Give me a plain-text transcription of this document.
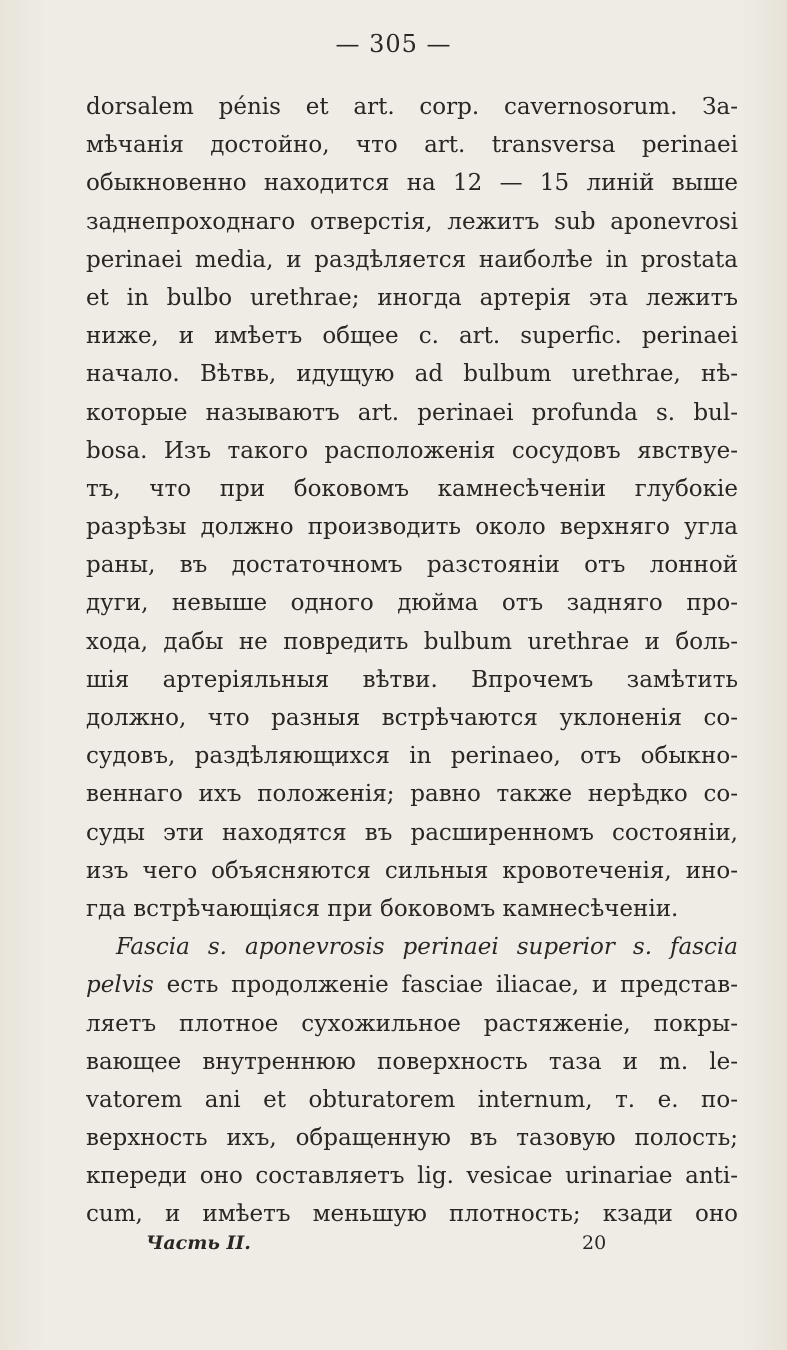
— 305 —
dorsalem pénis et art. corp. cavernosorum. За-
мѣчанія достойно, что art. transversa perinaei
обыкновенно находится на 12 — 15 линій выше
заднепроходнаго отверстія, лежитъ sub aponevrosi
perinaei media, и раздѣляется наиболѣе in prostata
et in bulbo urethrae; иногда артерія эта лежитъ
ниже, и имѣетъ общее с. art. superfic. perinaei
начало. Вѣтвь, идущую ad bulbum urethrae, нѣ-
которые называютъ art. perinaei profunda s. bul-
bosa. Изъ такого расположенія сосудовъ явствуе-
тъ, что при боковомъ камнесѣченіи глубокіе
разрѣзы должно производить около верхняго угла
раны, въ достаточномъ разстояніи отъ лонной
дуги, невыше одного дюйма отъ задняго про-
хода, дабы не повредить bulbum urethrae и боль-
шія артеріяльныя вѣтви. Впрочемъ замѣтить
должно, что разныя встрѣчаются уклоненія со-
судовъ, раздѣляющихся in perinaeo, отъ обыкно-
веннаго ихъ положенія; равно также нерѣдко со-
суды эти находятся въ расширенномъ состояніи,
изъ чего объясняются сильныя кровотеченія, ино-
гда встрѣчающіяся при боковомъ камнесѣченіи.
Fascia s. aponevrosis perinaei superior s. fascia
pelvis есть продолженіе fasciae iliacae, и представ-
ляетъ плотное сухожильное растяженіе, покры-
вающее внутреннюю поверхность таза и m. le-
vatorem ani et obturatorem internum, т. е. по-
верхность ихъ, обращенную въ тазовую полость;
кпереди оно составляетъ lig. vesicae urinariae anti-
cum, и имѣетъ меньшую плотность; кзади оно
Часть II.	20
